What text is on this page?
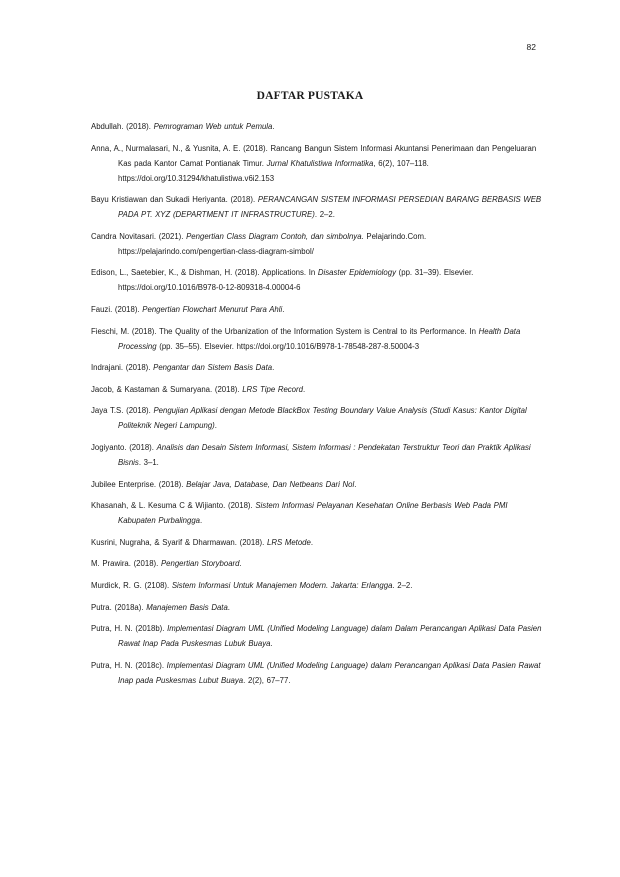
82
DAFTAR PUSTAKA

Abdullah. (2018). Pemrograman Web untuk Pemula.

Anna, A., Nurmalasari, N., & Yusnita, A. E. (2018). Rancang Bangun Sistem Informasi Akuntansi Penerimaan dan Pengeluaran Kas pada Kantor Camat Pontianak Timur. Jurnal Khatulistiwa Informatika, 6(2), 107–118. https://doi.org/10.31294/khatulistiwa.v6i2.153

Bayu Kristiawan dan Sukadi Heriyanta. (2018). PERANCANGAN SISTEM INFORMASI PERSEDIAN BARANG BERBASIS WEB PADA PT. XYZ (DEPARTMENT IT INFRASTRUCTURE). 2–2.

Candra Novitasari. (2021). Pengertian Class Diagram Contoh, dan simbolnya. Pelajarindo.Com. https://pelajarindo.com/pengertian-class-diagram-simbol/

Edison, L., Saetebier, K., & Dishman, H. (2018). Applications. In Disaster Epidemiology (pp. 31–39). Elsevier. https://doi.org/10.1016/B978-0-12-809318-4.00004-6

Fauzi. (2018). Pengertian Flowchart Menurut Para Ahli.

Fieschi, M. (2018). The Quality of the Urbanization of the Information System is Central to its Performance. In Health Data Processing (pp. 35–55). Elsevier. https://doi.org/10.1016/B978-1-78548-287-8.50004-3

Indrajani. (2018). Pengantar dan Sistem Basis Data.

Jacob, & Kastaman & Sumaryana. (2018). LRS Tipe Record.

Jaya T.S. (2018). Pengujian Aplikasi dengan Metode BlackBox Testing Boundary Value Analysis (Studi Kasus: Kantor Digital Politeknik Negeri Lampung).

Jogiyanto. (2018). Analisis dan Desain Sistem Informasi, Sistem Informasi : Pendekatan Terstruktur Teori dan Praktik Aplikasi Bisnis. 3–1.

Jubilee Enterprise. (2018). Belajar Java, Database, Dan Netbeans Dari Nol.

Khasanah, & L. Kesuma C & Wijianto. (2018). Sistem Informasi Pelayanan Kesehatan Online Berbasis Web Pada PMI Kabupaten Purbalingga.

Kusrini, Nugraha, & Syarif & Dharmawan. (2018). LRS Metode.

M. Prawira. (2018). Pengertian Storyboard.

Murdick, R. G. (2108). Sistem Informasi Untuk Manajemen Modern. Jakarta: Erlangga. 2–2.

Putra. (2018a). Manajemen Basis Data.

Putra, H. N. (2018b). Implementasi Diagram UML (Unified Modeling Language) dalam Dalam Perancangan Aplikasi Data Pasien Rawat Inap Pada Puskesmas Lubuk Buaya.

Putra, H. N. (2018c). Implementasi Diagram UML (Unified Modeling Language) dalam Perancangan Aplikasi Data Pasien Rawat Inap pada Puskesmas Lubut Buaya. 2(2), 67–77.
